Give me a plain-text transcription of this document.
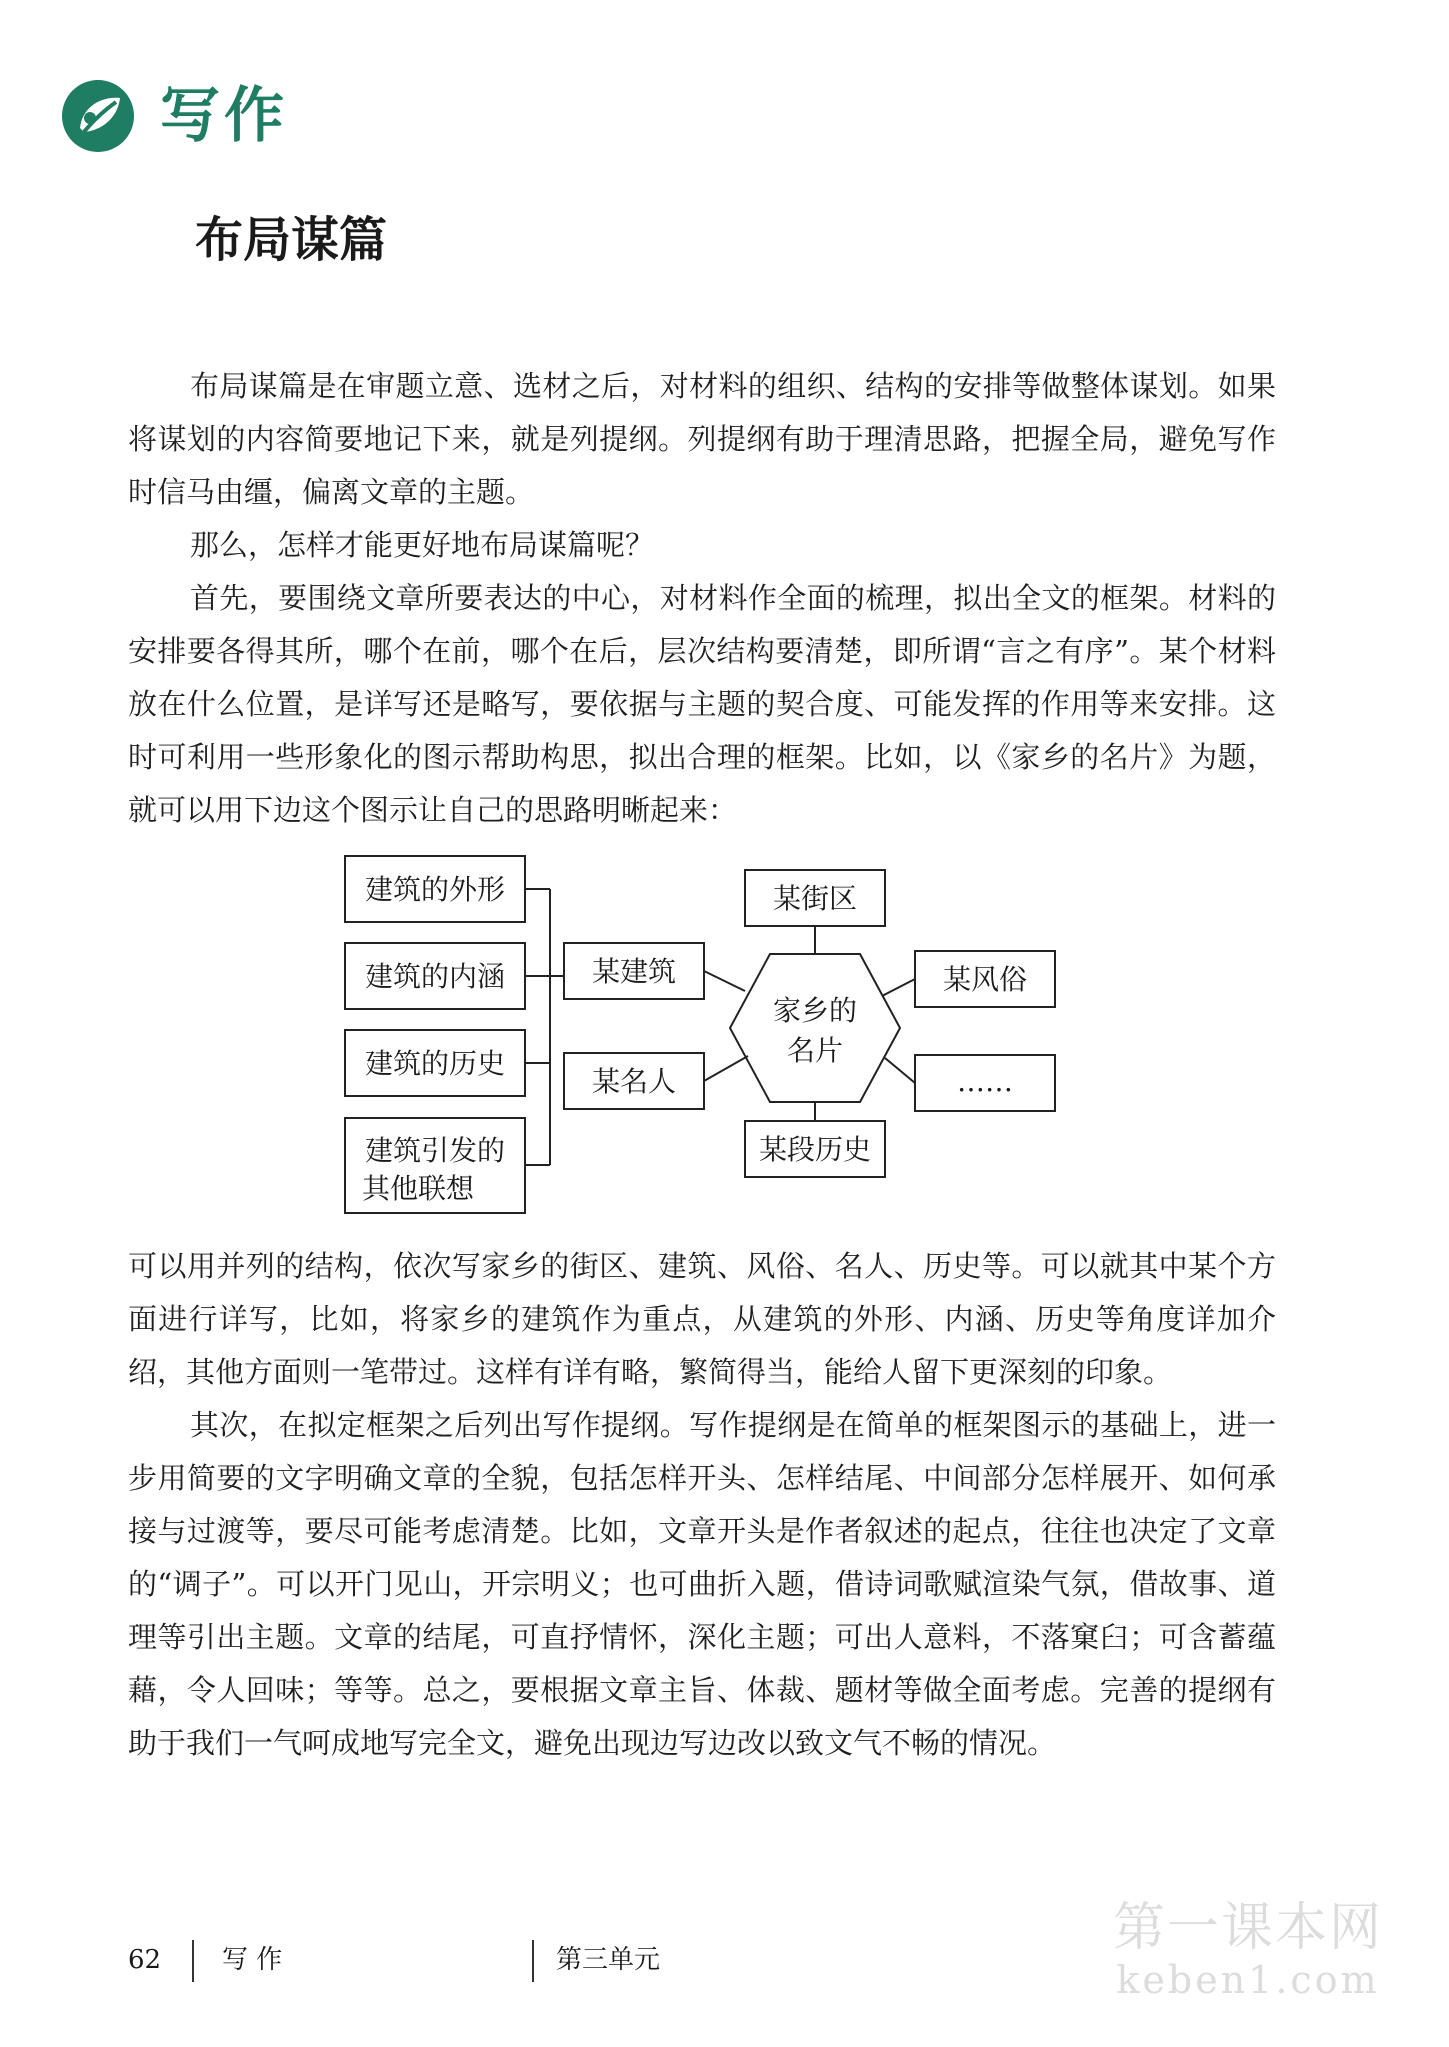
写作
布局谋篇

布局谋篇是在审题立意、选材之后，对材料的组织、结构的安排等做整体谋划。如果将谋划的内容简要地记下来，就是列提纲。列提纲有助于理清思路，把握全局，避免写作时信马由缰，偏离文章的主题。

那么，怎样才能更好地布局谋篇呢？

首先，要围绕文章所要表达的中心，对材料作全面的梳理，拟出全文的框架。材料的安排要各得其所，哪个在前，哪个在后，层次结构要清楚，即所谓“言之有序”。某个材料放在什么位置，是详写还是略写，要依据与主题的契合度、可能发挥的作用等来安排。这时可利用一些形象化的图示帮助构思，拟出合理的框架。比如，以《家乡的名片》为题，就可以用下边这个图示让自己的思路明晰起来：

建筑的外形
建筑的内涵
建筑的历史
建筑引发的
其他联想
某建筑
某名人
某街区
某风俗
……
某段历史
家乡的
名片

可以用并列的结构，依次写家乡的街区、建筑、风俗、名人、历史等。可以就其中某个方面进行详写，比如，将家乡的建筑作为重点，从建筑的外形、内涵、历史等角度详加介绍，其他方面则一笔带过。这样有详有略，繁简得当，能给人留下更深刻的印象。

其次，在拟定框架之后列出写作提纲。写作提纲是在简单的框架图示的基础上，进一步用简要的文字明确文章的全貌，包括怎样开头、怎样结尾、中间部分怎样展开、如何承接与过渡等，要尽可能考虑清楚。比如，文章开头是作者叙述的起点，往往也决定了文章的“调子”。可以开门见山，开宗明义；也可曲折入题，借诗词歌赋渲染气氛，借故事、道理等引出主题。文章的结尾，可直抒情怀，深化主题；可出人意料，不落窠臼；可含蓄蕴藉，令人回味；等等。总之，要根据文章主旨、体裁、题材等做全面考虑。完善的提纲有助于我们一气呵成地写完全文，避免出现边写边改以致文气不畅的情况。

62 写 作	第三单元
第一课本网
keben1.com
